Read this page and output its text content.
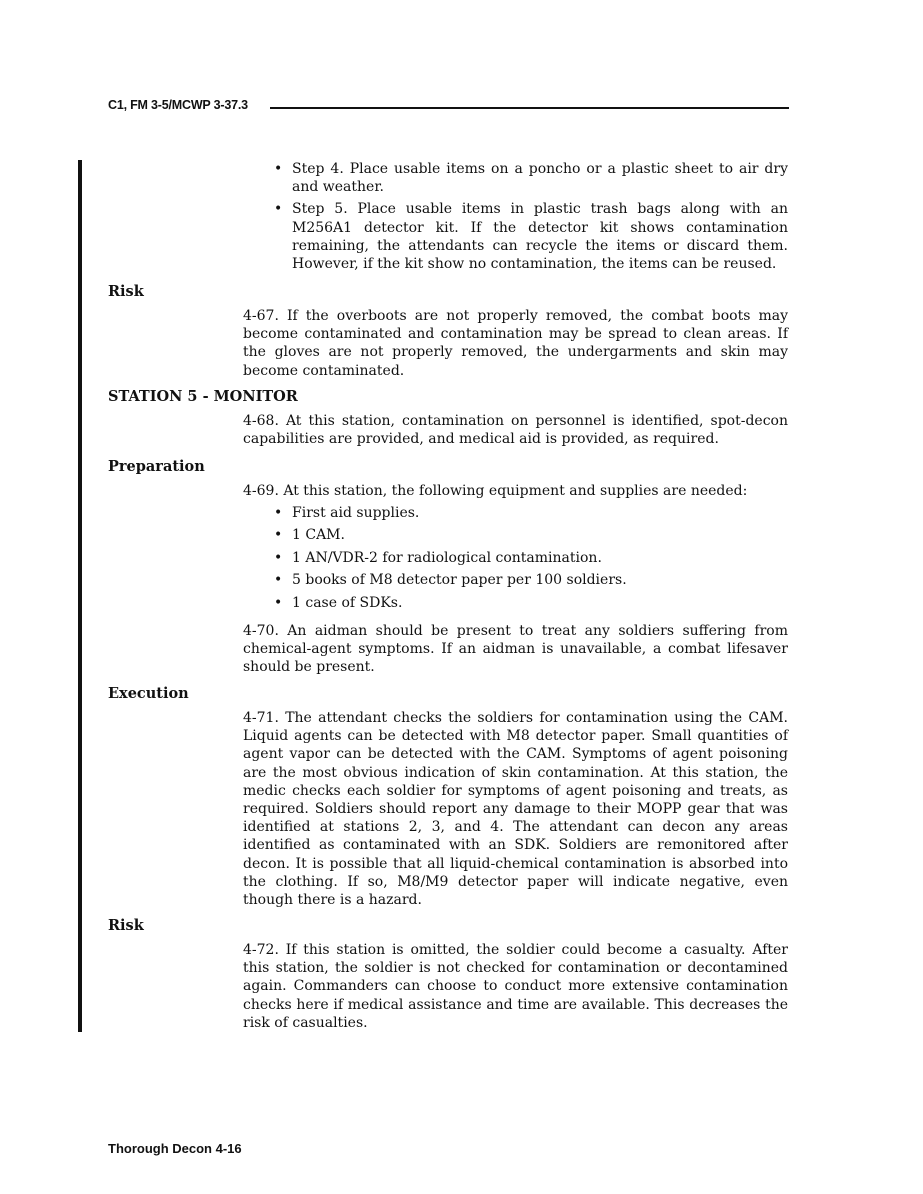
C1, FM 3-5/MCWP 3-37.3
• Step 4. Place usable items on a poncho or a plastic sheet to air dry and weather.
• Step 5. Place usable items in plastic trash bags along with an M256A1 detector kit. If the detector kit shows contamination remaining, the attendants can recycle the items or discard them. However, if the kit show no contamination, the items can be reused.
Risk

4-67. If the overboots are not properly removed, the combat boots may become contaminated and contamination may be spread to clean areas. If the gloves are not properly removed, the undergarments and skin may become contaminated.

STATION 5 - MONITOR

4-68. At this station, contamination on personnel is identified, spot-decon capabilities are provided, and medical aid is provided, as required.

Preparation

4-69. At this station, the following equipment and supplies are needed:

• First aid supplies.
• 1 CAM.
• 1 AN/VDR-2 for radiological contamination.
• 5 books of M8 detector paper per 100 soldiers.
• 1 case of SDKs.

4-70. An aidman should be present to treat any soldiers suffering from chemical-agent symptoms. If an aidman is unavailable, a combat lifesaver should be present.

Execution

4-71. The attendant checks the soldiers for contamination using the CAM. Liquid agents can be detected with M8 detector paper. Small quantities of agent vapor can be detected with the CAM. Symptoms of agent poisoning are the most obvious indication of skin contamination. At this station, the medic checks each soldier for symptoms of agent poisoning and treats, as required. Soldiers should report any damage to their MOPP gear that was identified at stations 2, 3, and 4. The attendant can decon any areas identified as contaminated with an SDK. Soldiers are remonitored after decon. It is possible that all liquid-chemical contamination is absorbed into the clothing. If so, M8/M9 detector paper will indicate negative, even though there is a hazard.

Risk

4-72. If this station is omitted, the soldier could become a casualty. After this station, the soldier is not checked for contamination or decontamined again. Commanders can choose to conduct more extensive contamination checks here if medical assistance and time are available. This decreases the risk of casualties.

Thorough Decon 4-16
